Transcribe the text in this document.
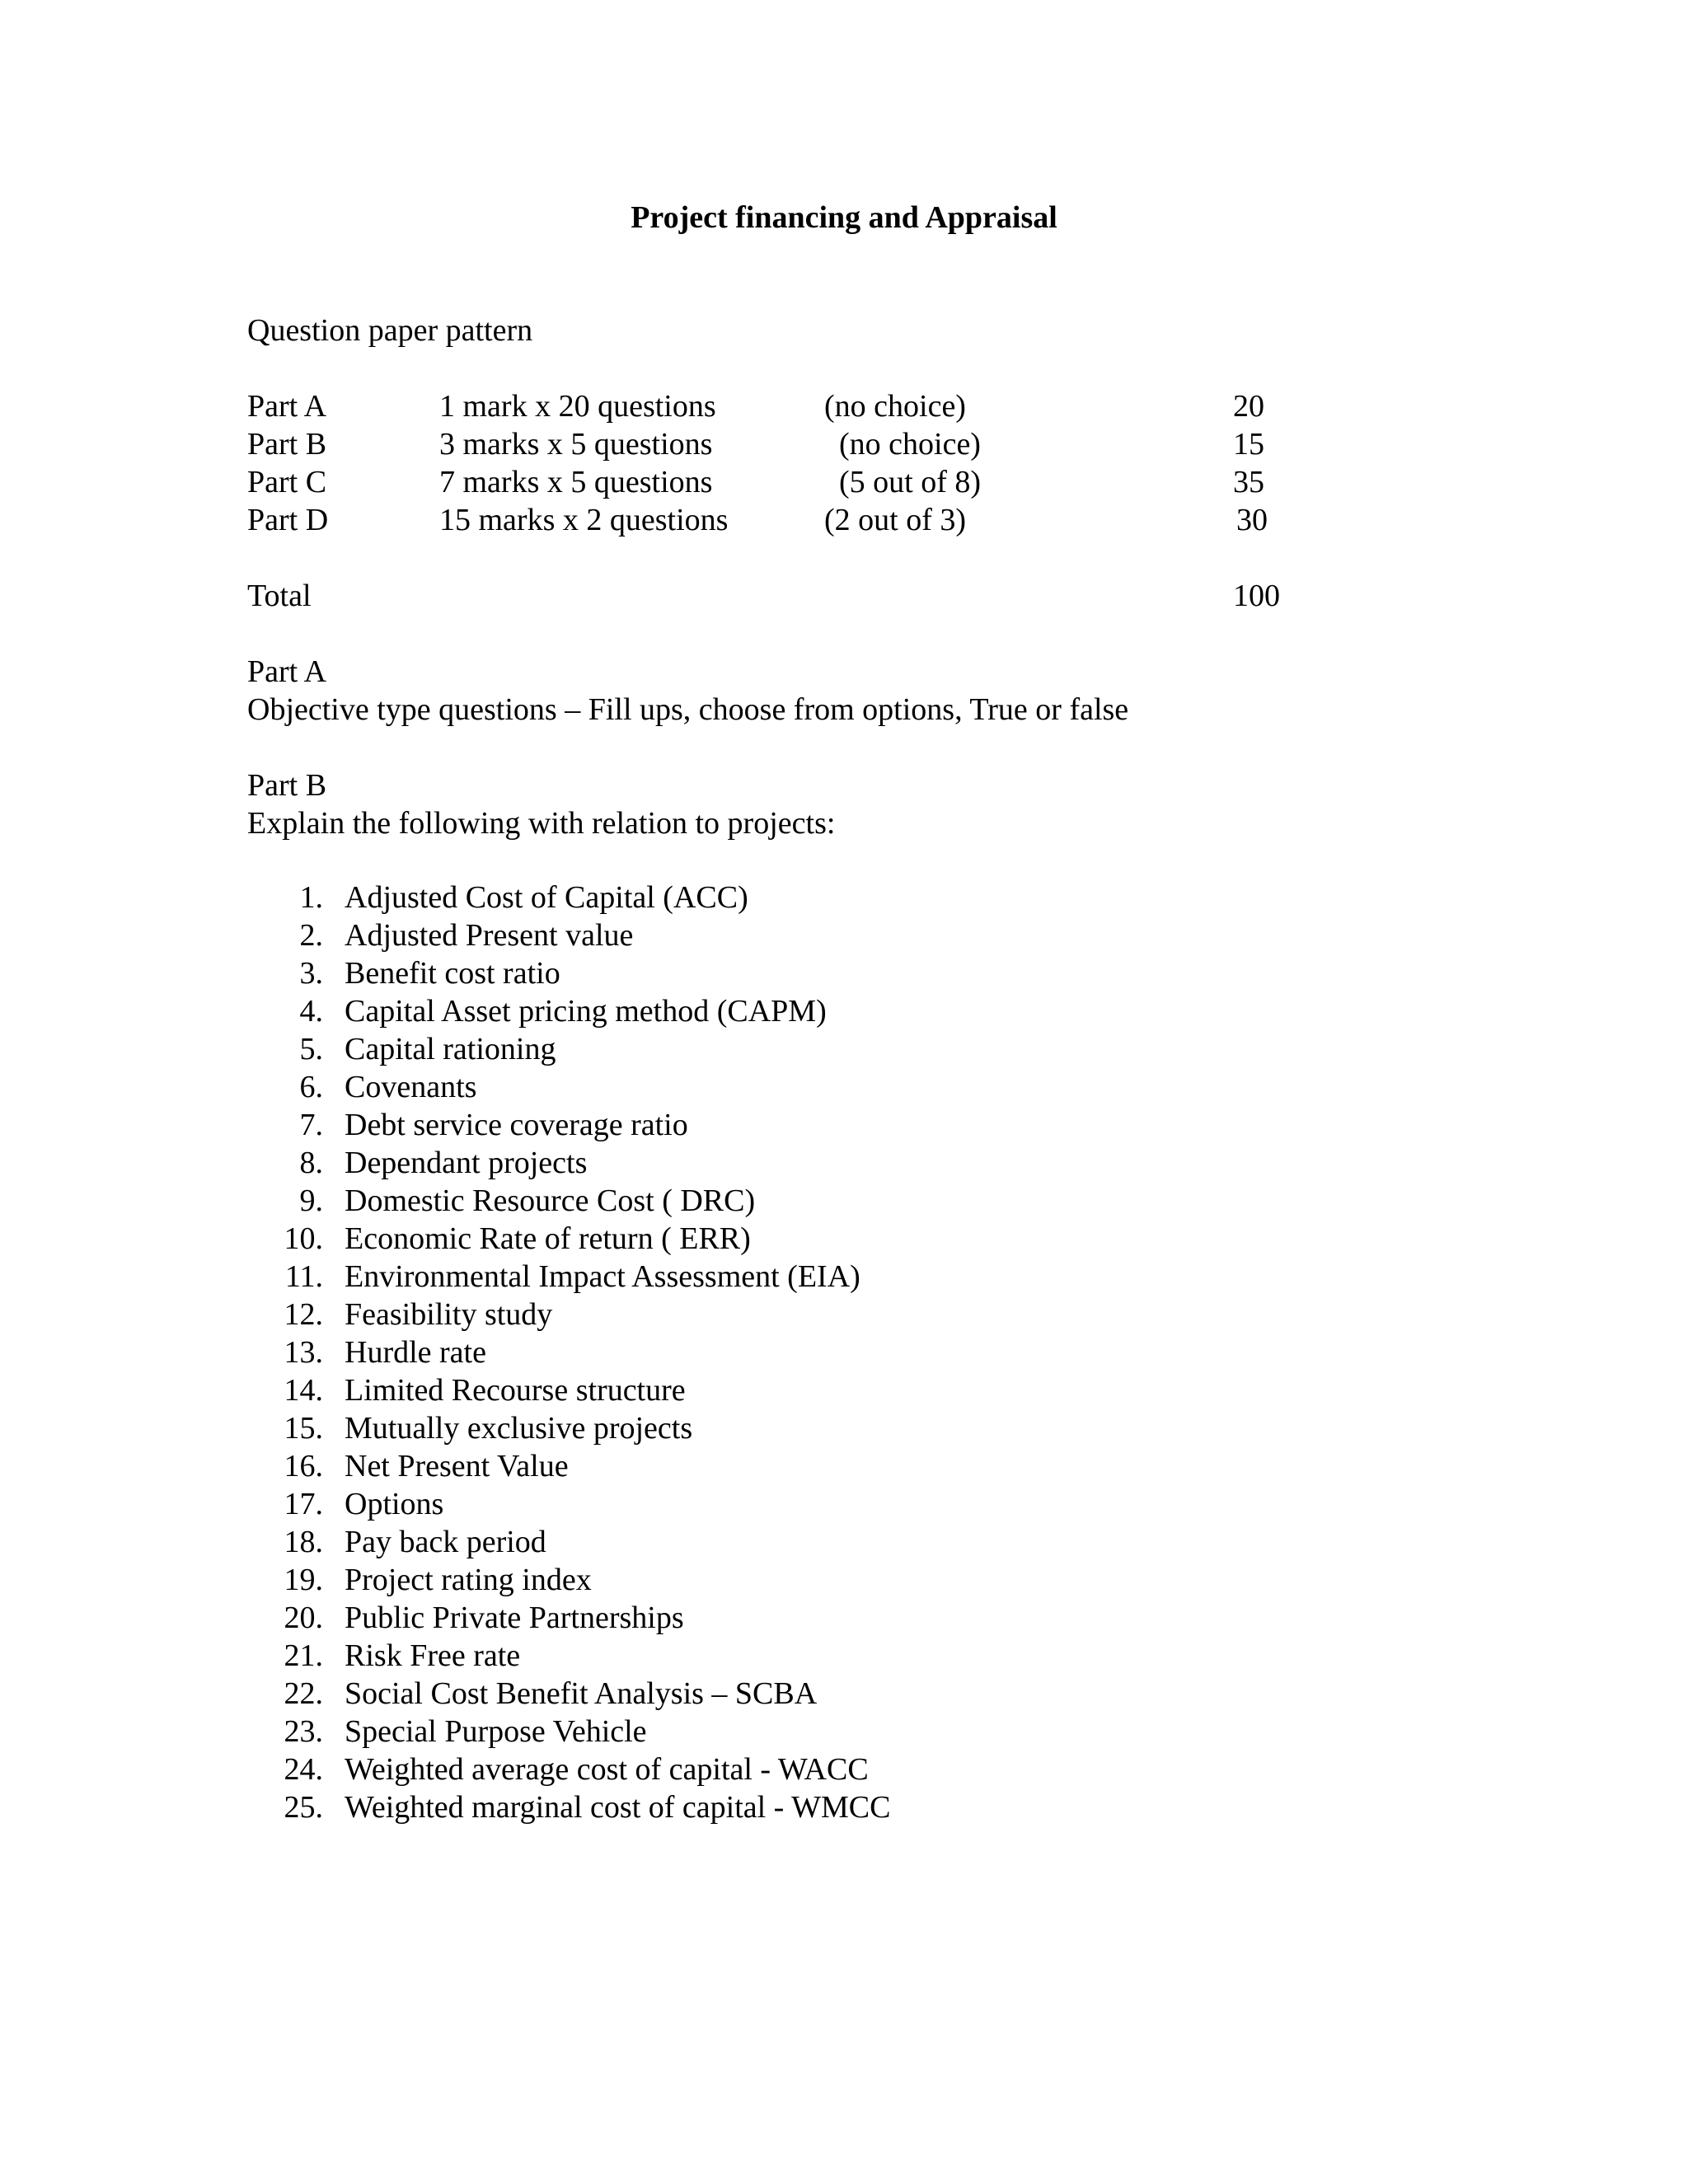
Project financing and Appraisal
Question paper pattern
Part A	1 mark x 20 questions	(no choice)	20
Part B	3 marks x 5 questions	(no choice)	15
Part C	7 marks x 5 questions	(5 out of 8)	35
Part D	15 marks x 2 questions	(2 out of 3)	30
Total	100
Part A
Objective type questions – Fill ups, choose from options, True or false
Part B
Explain the following with relation to projects:
1. Adjusted Cost of Capital (ACC)
2. Adjusted Present value
3. Benefit cost ratio
4. Capital Asset pricing method (CAPM)
5. Capital rationing
6. Covenants
7. Debt service coverage ratio
8. Dependant projects
9. Domestic Resource Cost ( DRC)
10. Economic Rate of return ( ERR)
11. Environmental Impact Assessment (EIA)
12. Feasibility study
13. Hurdle rate
14. Limited Recourse structure
15. Mutually exclusive projects
16. Net Present Value
17. Options
18. Pay back period
19. Project rating index
20. Public Private Partnerships
21. Risk Free rate
22. Social Cost Benefit Analysis – SCBA
23. Special Purpose Vehicle
24. Weighted average cost of capital - WACC
25. Weighted marginal cost of capital - WMCC
